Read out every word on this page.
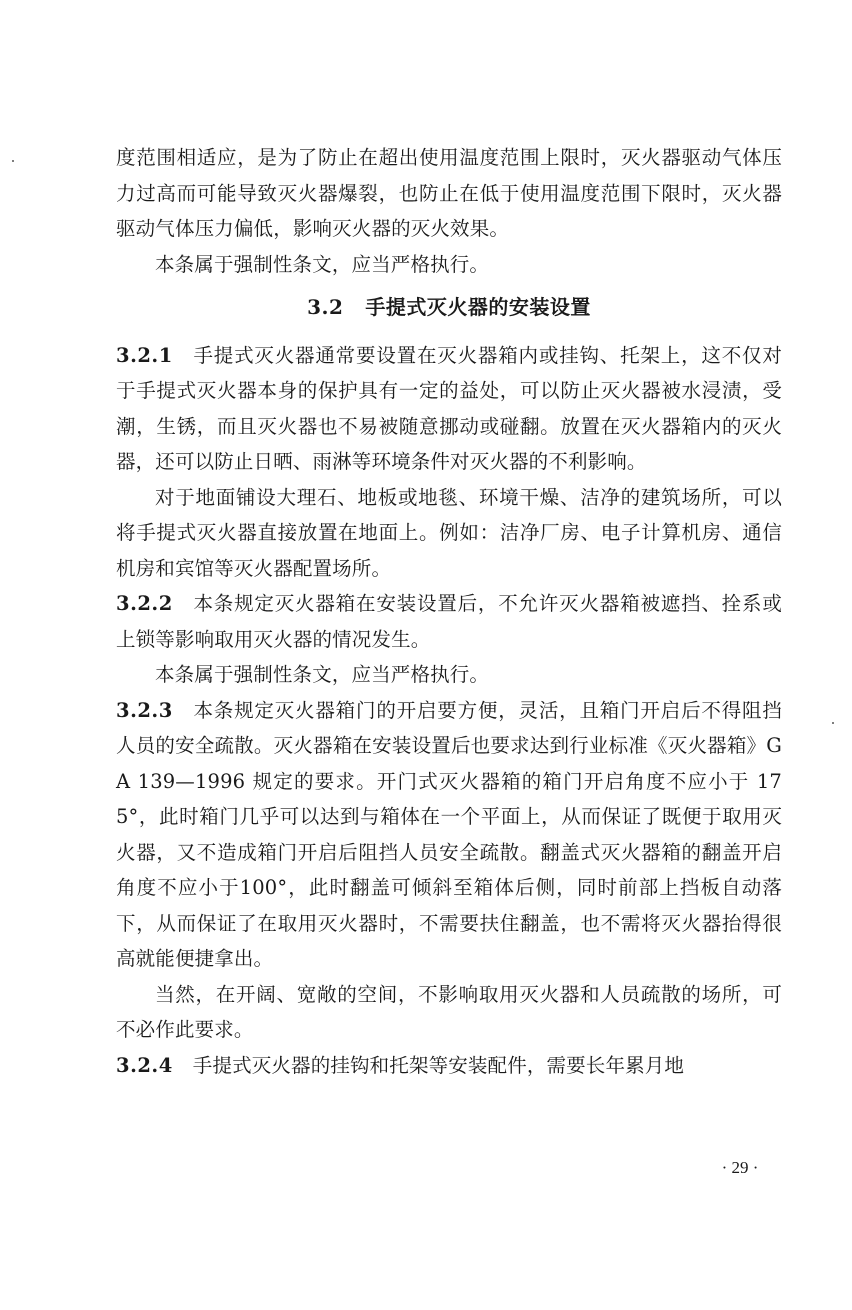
度范围相适应，是为了防止在超出使用温度范围上限时，灭火器驱动气体压力过高而可能导致灭火器爆裂，也防止在低于使用温度范围下限时，灭火器驱动气体压力偏低，影响灭火器的灭火效果。

本条属于强制性条文，应当严格执行。

3.2 手提式灭火器的安装设置

3.2.1 手提式灭火器通常要设置在灭火器箱内或挂钩、托架上，这不仅对于手提式灭火器本身的保护具有一定的益处，可以防止灭火器被水浸渍，受潮，生锈，而且灭火器也不易被随意挪动或碰翻。放置在灭火器箱内的灭火器，还可以防止日晒、雨淋等环境条件对灭火器的不利影响。

对于地面铺设大理石、地板或地毯、环境干燥、洁净的建筑场所，可以将手提式灭火器直接放置在地面上。例如：洁净厂房、电子计算机房、通信机房和宾馆等灭火器配置场所。

3.2.2 本条规定灭火器箱在安装设置后，不允许灭火器箱被遮挡、拴系或上锁等影响取用灭火器的情况发生。

本条属于强制性条文，应当严格执行。

3.2.3 本条规定灭火器箱门的开启要方便，灵活，且箱门开启后不得阻挡人员的安全疏散。灭火器箱在安装设置后也要求达到行业标准《灭火器箱》GA 139—1996 规定的要求。开门式灭火器箱的箱门开启角度不应小于 175°，此时箱门几乎可以达到与箱体在一个平面上，从而保证了既便于取用灭火器，又不造成箱门开启后阻挡人员安全疏散。翻盖式灭火器箱的翻盖开启角度不应小于100°，此时翻盖可倾斜至箱体后侧，同时前部上挡板自动落下，从而保证了在取用灭火器时，不需要扶住翻盖，也不需将灭火器抬得很高就能便捷拿出。

当然，在开阔、宽敞的空间，不影响取用灭火器和人员疏散的场所，可不必作此要求。

3.2.4 手提式灭火器的挂钩和托架等安装配件，需要长年累月地

· 29 ·
